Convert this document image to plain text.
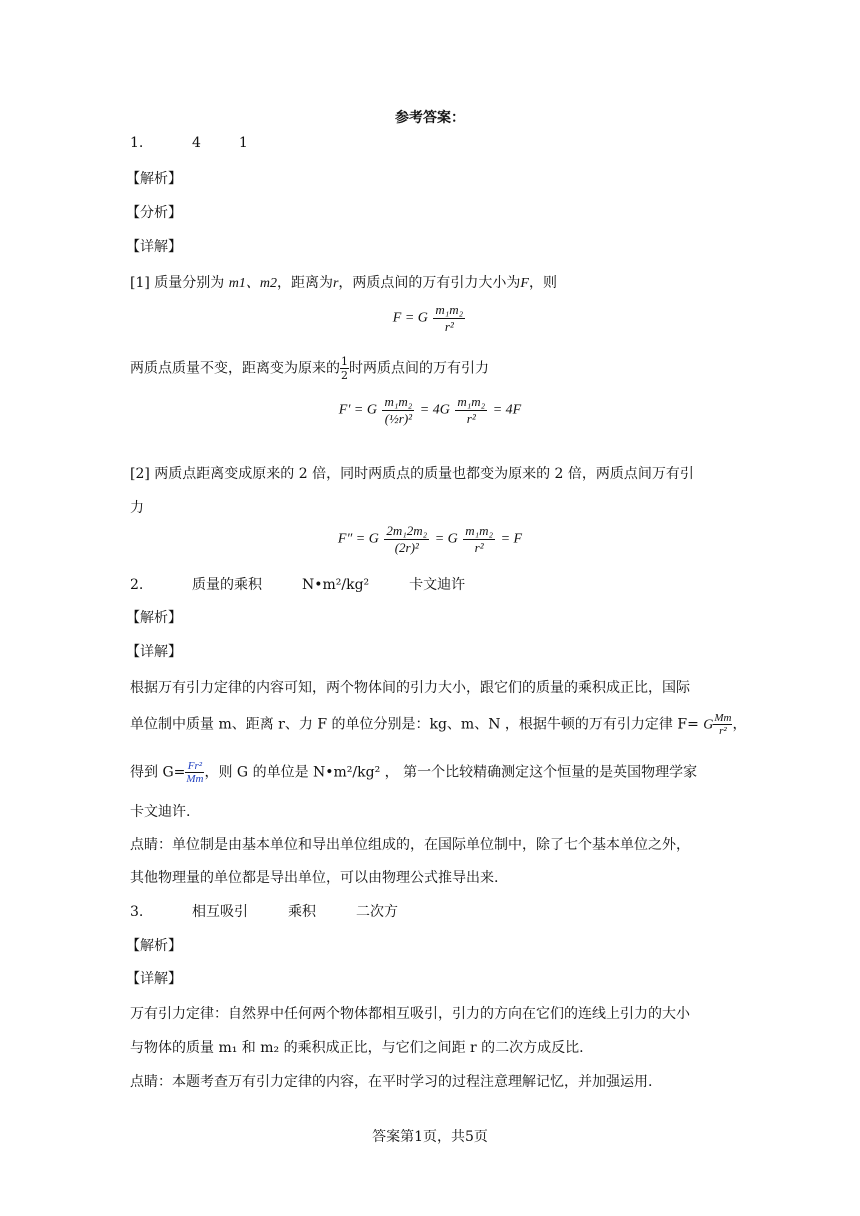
参考答案：
1.	4	1
【解析】
【分析】
【详解】
[1] 质量分别为 m1、m2，距离为r，两质点间的万有引力大小为F，则
F = G $\frac{\text{m₁m₂}}{\text{r²}}$
两质点质量不变，距离变为原来的 $\frac{1}{2}$ 时两质点间的万有引力
F′ = G $\frac{\text{m₁m₂}}{\text{(½r)²}} = 4G \frac{\text{m₁m₂}}{\text{r²}} = 4F$
[2] 两质点距离变成原来的 2 倍，同时两质点的质量也都变为原来的 2 倍，两质点间万有引
力
F″ = G $\frac{\text{2m₁2m₂}}{\text{(2r)²}} = G \frac{\text{m₁m₂}}{\text{r²}} = F$
2.	质量的乘积	N•m²/kg²	卡文迪许
【解析】
【详解】
根据万有引力定律的内容可知，两个物体间的引力大小，跟它们的质量的乘积成正比，国际
单位制中质量 m、距离 r、力 F 的单位分别是：kg、m、N ，根据牛顿的万有引力定律 F= G $\frac{Mm}{\text{r²}}$ ，
得到 $G= \frac{\text{Fr²}}{Mm}$ ，则 G 的单位是 N•m²/kg² ， 第一个比较精确测定这个恒量的是英国物理学家
卡文迪许.
点睛：单位制是由基本单位和导出单位组成的，在国际单位制中，除了七个基本单位之外，
其他物理量的单位都是导出单位，可以由物理公式推导出来.
3.	相互吸引	乘积	二次方
【解析】
【详解】
万有引力定律：自然界中任何两个物体都相互吸引，引力的方向在它们的连线上引力的大小
与物体的质量 m₁ 和 m₂ 的乘积成正比，与它们之间距 r 的二次方成反比.
点睛：本题考查万有引力定律的内容，在平时学习的过程注意理解记忆，并加强运用.
答案第1页，共5页
